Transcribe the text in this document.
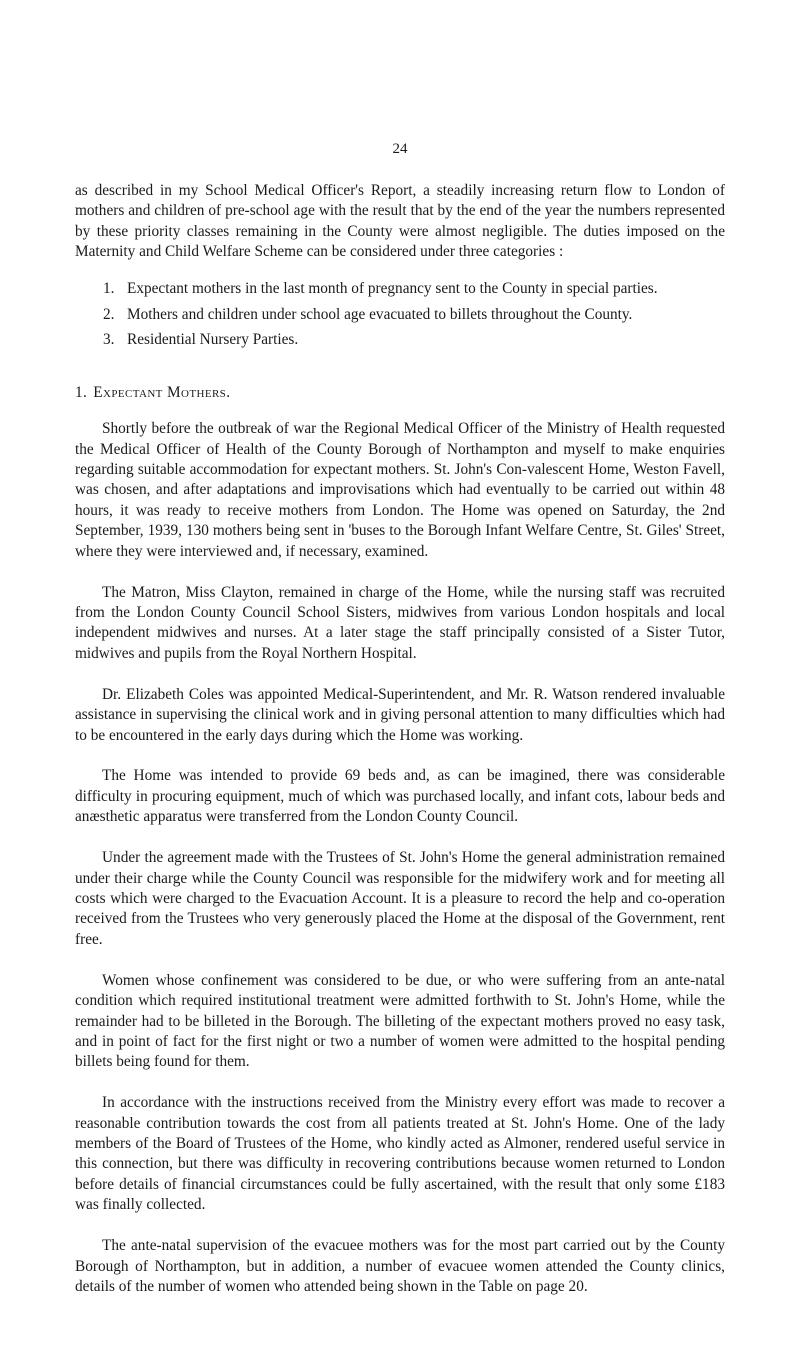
24

as described in my School Medical Officer's Report, a steadily increasing return flow to London of mothers and children of pre-school age with the result that by the end of the year the numbers represented by these priority classes remaining in the County were almost negligible. The duties imposed on the Maternity and Child Welfare Scheme can be considered under three categories :

1. Expectant mothers in the last month of pregnancy sent to the County in special parties.
2. Mothers and children under school age evacuated to billets throughout the County.
3. Residential Nursery Parties.
1. Expectant Mothers.

Shortly before the outbreak of war the Regional Medical Officer of the Ministry of Health requested the Medical Officer of Health of the County Borough of Northampton and myself to make enquiries regarding suitable accommodation for expectant mothers. St. John's Con-valescent Home, Weston Favell, was chosen, and after adaptations and improvisations which had eventually to be carried out within 48 hours, it was ready to receive mothers from London. The Home was opened on Saturday, the 2nd September, 1939, 130 mothers being sent in 'buses to the Borough Infant Welfare Centre, St. Giles' Street, where they were interviewed and, if necessary, examined.

The Matron, Miss Clayton, remained in charge of the Home, while the nursing staff was recruited from the London County Council School Sisters, midwives from various London hospitals and local independent midwives and nurses. At a later stage the staff principally consisted of a Sister Tutor, midwives and pupils from the Royal Northern Hospital.

Dr. Elizabeth Coles was appointed Medical-Superintendent, and Mr. R. Watson rendered invaluable assistance in supervising the clinical work and in giving personal attention to many difficulties which had to be encountered in the early days during which the Home was working.

The Home was intended to provide 69 beds and, as can be imagined, there was considerable difficulty in procuring equipment, much of which was purchased locally, and infant cots, labour beds and anæsthetic apparatus were transferred from the London County Council.

Under the agreement made with the Trustees of St. John's Home the general administration remained under their charge while the County Council was responsible for the midwifery work and for meeting all costs which were charged to the Evacuation Account. It is a pleasure to record the help and co-operation received from the Trustees who very generously placed the Home at the disposal of the Government, rent free.

Women whose confinement was considered to be due, or who were suffering from an ante-natal condition which required institutional treatment were admitted forthwith to St. John's Home, while the remainder had to be billeted in the Borough. The billeting of the expectant mothers proved no easy task, and in point of fact for the first night or two a number of women were admitted to the hospital pending billets being found for them.

In accordance with the instructions received from the Ministry every effort was made to recover a reasonable contribution towards the cost from all patients treated at St. John's Home. One of the lady members of the Board of Trustees of the Home, who kindly acted as Almoner, rendered useful service in this connection, but there was difficulty in recovering contributions because women returned to London before details of financial circumstances could be fully ascertained, with the result that only some £183 was finally collected.

The ante-natal supervision of the evacuee mothers was for the most part carried out by the County Borough of Northampton, but in addition, a number of evacuee women attended the County clinics, details of the number of women who attended being shown in the Table on page 20.
